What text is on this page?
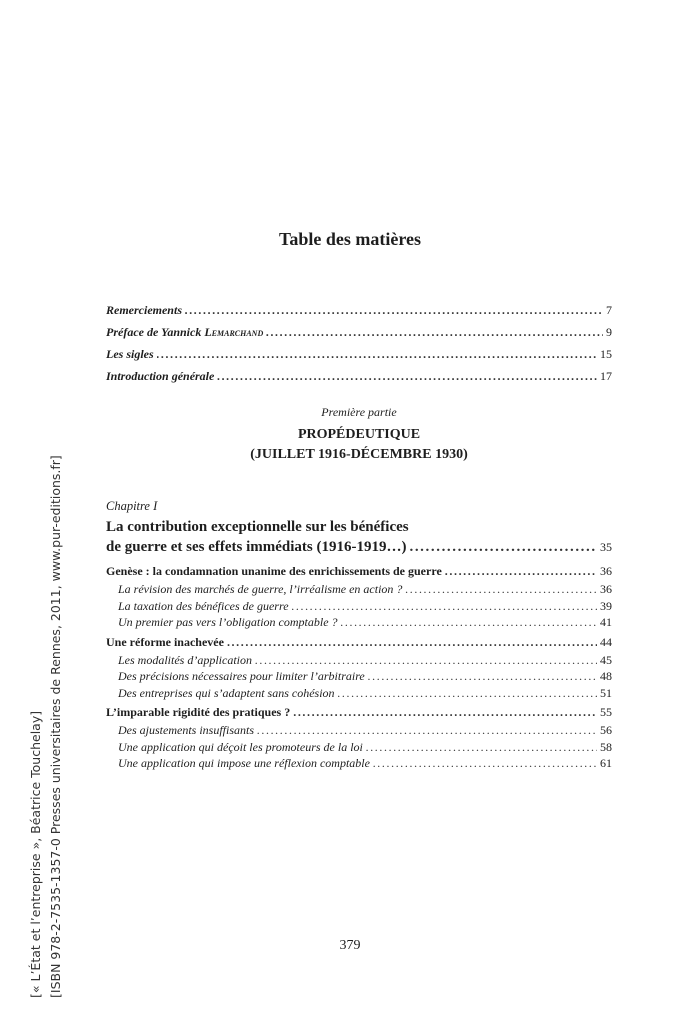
[« L’État et l’entreprise », Béatrice Touchelay] [ISBN 978-2-7535-1357-0 Presses universitaires de Rennes, 2011, www.pur-editions.fr]
Table des matières
Remerciements .....	7
Préface de Yannick Lemarchand .....	9
Les sigles .....	15
Introduction générale .....	17
Première partie
PROPÉDEUTIQUE
(JUILLET 1916-DÉCEMBRE 1930)
Chapitre I
La contribution exceptionnelle sur les bénéfices
de guerre et ses effets immédiats (1916-1919…) .....	35
Genèse : la condamnation unanime des enrichissements de guerre .....	36
La révision des marchés de guerre, l’irréalisme en action ? .....	36
La taxation des bénéfices de guerre .....	39
Un premier pas vers l’obligation comptable ? .....	41
Une réforme inachevée .....	44
Les modalités d’application .....	45
Des précisions nécessaires pour limiter l’arbitraire .....	48
Des entreprises qui s’adaptent sans cohésion .....	51
L’imparable rigidité des pratiques ? .....	55
Des ajustements insuffisants .....	56
Une application qui déçoit les promoteurs de la loi .....	58
Une application qui impose une réflexion comptable .....	61
379
